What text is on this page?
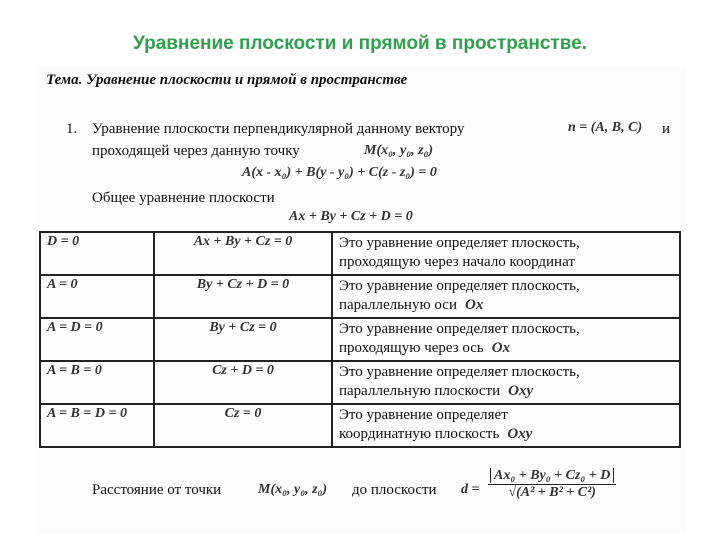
Уравнение плоскости и прямой в пространстве.
Тема. Уравнение плоскости и прямой в пространстве
1. Уравнение плоскости перпендикулярной данному вектору	n = (A, B, C) и
проходящей через данную точку	M(x₀, y₀, z₀)
A(x - x₀) + B(y - y₀) + C(z - z₀) = 0
Общее уравнение плоскости
Ax + By + Cz + D = 0
D = 0	Ax + By + Cz = 0	Это уравнение определяет плоскость,
проходящую через начало координат

A = 0	By + Cz + D = 0	Это уравнение определяет плоскость,
параллельную оси Ox

A = D = 0	By + Cz = 0	Это уравнение определяет плоскость,
проходящую через ось Ox

A = B = 0	Cz + D = 0	Это уравнение определяет плоскость,
параллельную плоскости Oxy

A = B = D = 0	Cz = 0	Это уравнение определяет
координатную плоскость Oxy
Расстояние от точки	M(x₀, y₀, z₀) до плоскости $d = \frac{\text{Ax₀ + By₀ + Cz₀ + D}}{\text{√(A² + B² + C²)}}$
